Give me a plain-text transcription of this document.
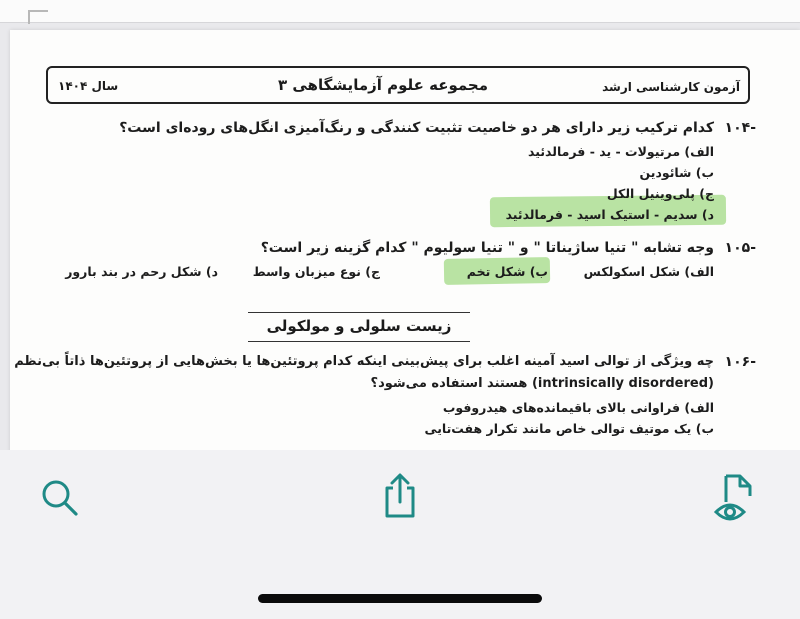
آزمون کارشناسی ارشد
مجموعه علوم آزمایشگاهی ۳
سال ۱۴۰۴
-۱۰۴
کدام ترکیب زیر دارای هر دو خاصیت تثبیت کنندگی و رنگ‌آمیزی انگل‌های روده‌ای است؟
الف) مرتیولات - ید - فرمالدئید
ب) شائودین
ج) پلی‌وینیل الکل
د) سدیم - استیک اسید - فرمالدئید
-۱۰۵
وجه تشابه " تنیا ساژیناتا " و " تنیا سولیوم " کدام گزینه زیر است؟
الف) شکل اسکولکس
ب) شکل تخم
ج) نوع میزبان واسط
د) شکل رحم در بند بارور
زیست سلولی و مولکولی
-۱۰۶
چه ویژگی از توالی اسید آمینه اغلب برای پیش‌بینی اینکه کدام پروتئین‌ها یا بخش‌هایی از پروتئین‌ها ذاتاً بی‌نظم
(intrinsically disordered) هستند استفاده می‌شود؟
الف) فراوانی بالای باقیمانده‌های هیدروفوب
ب) یک موتیف توالی خاص مانند تکرار هفت‌تایی
